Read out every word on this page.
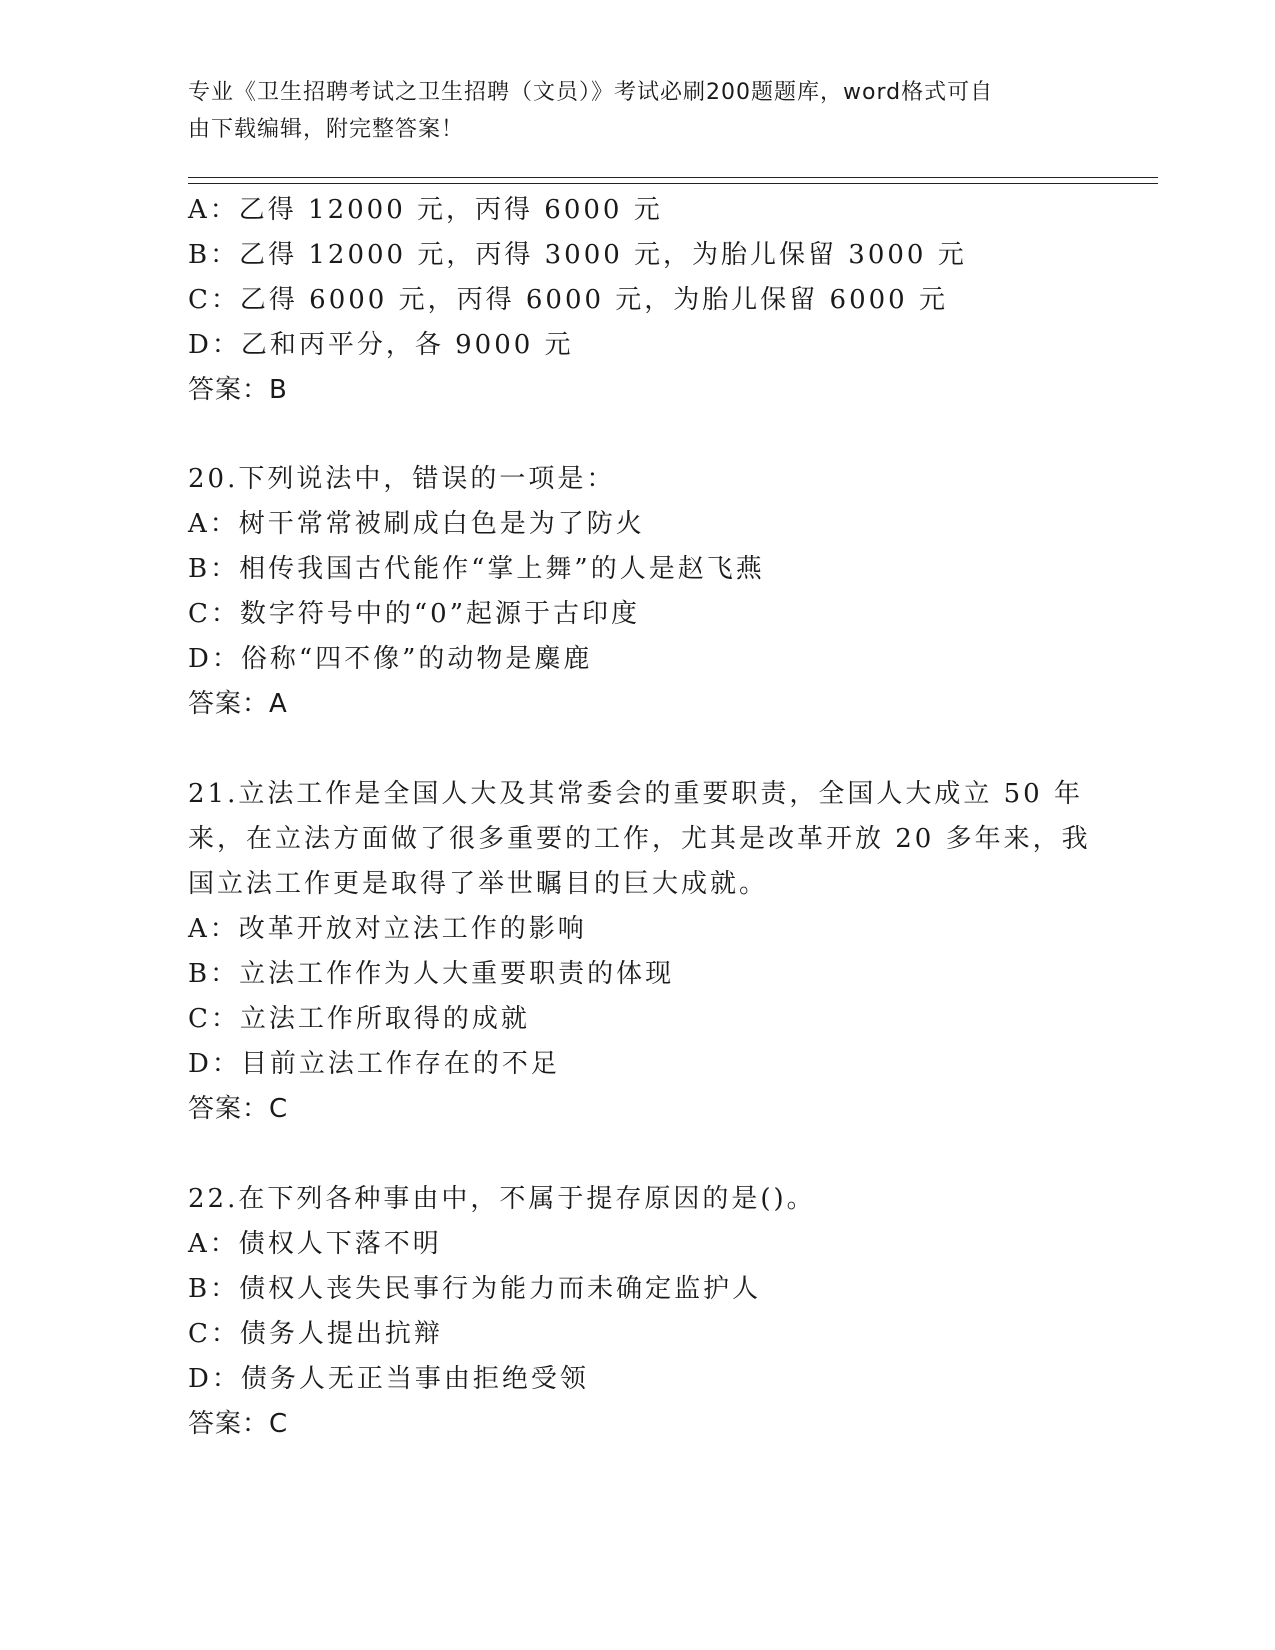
专业《卫生招聘考试之卫生招聘（文员）》考试必刷200题题库，word格式可自
由下载编辑，附完整答案！
A：乙得 12000 元，丙得 6000 元
B：乙得 12000 元，丙得 3000 元，为胎儿保留 3000 元
C：乙得 6000 元，丙得 6000 元，为胎儿保留 6000 元
D：乙和丙平分，各 9000 元
答案：B
20.下列说法中，错误的一项是：
A：树干常常被刷成白色是为了防火
B：相传我国古代能作“掌上舞”的人是赵飞燕
C：数字符号中的“0”起源于古印度
D：俗称“四不像”的动物是麋鹿
答案：A
21.立法工作是全国人大及其常委会的重要职责，全国人大成立 50 年
来，在立法方面做了很多重要的工作，尤其是改革开放 20 多年来，我
国立法工作更是取得了举世瞩目的巨大成就。
A：改革开放对立法工作的影响
B：立法工作作为人大重要职责的体现
C：立法工作所取得的成就
D：目前立法工作存在的不足
答案：C
22.在下列各种事由中，不属于提存原因的是()。
A：债权人下落不明
B：债权人丧失民事行为能力而未确定监护人
C：债务人提出抗辩
D：债务人无正当事由拒绝受领
答案：C
